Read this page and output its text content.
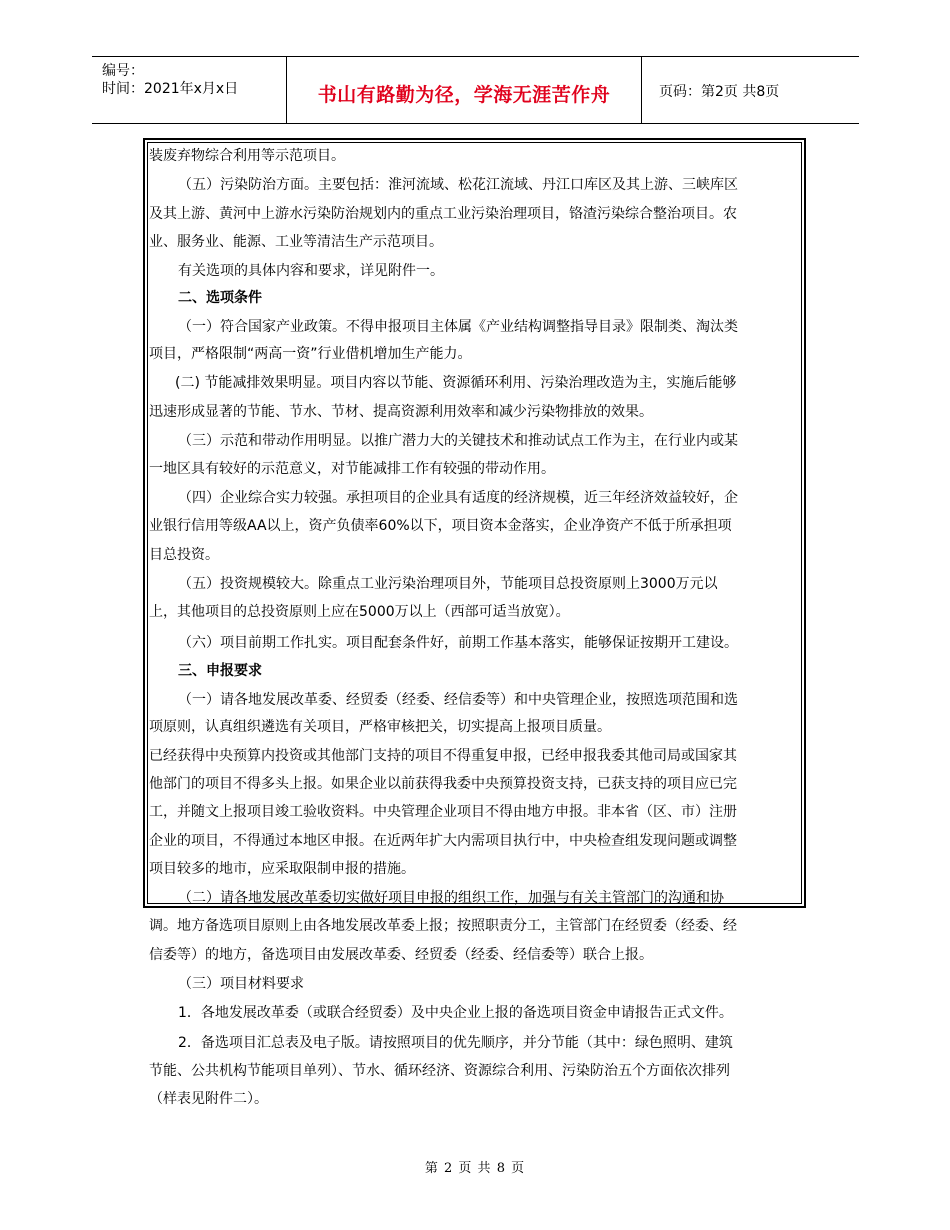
编号：
时间：2021年x月x日	书山有路勤为径，学海无涯苦作舟	页码：第2页 共8页
装废弃物综合利用等示范项目。
（五）污染防治方面。主要包括：淮河流域、松花江流域、丹江口库区及其上游、三峡库区
及其上游、黄河中上游水污染防治规划内的重点工业污染治理项目，铬渣污染综合整治项目。农
业、服务业、能源、工业等清洁生产示范项目。
有关选项的具体内容和要求，详见附件一。
二、选项条件
（一）符合国家产业政策。不得申报项目主体属《产业结构调整指导目录》限制类、淘汰类
项目，严格限制“两高一资”行业借机增加生产能力。
(二) 节能减排效果明显。项目内容以节能、资源循环利用、污染治理改造为主，实施后能够
迅速形成显著的节能、节水、节材、提高资源利用效率和减少污染物排放的效果。
（三）示范和带动作用明显。以推广潜力大的关键技术和推动试点工作为主，在行业内或某
一地区具有较好的示范意义，对节能减排工作有较强的带动作用。
（四）企业综合实力较强。承担项目的企业具有适度的经济规模，近三年经济效益较好，企
业银行信用等级AA以上，资产负债率60%以下，项目资本金落实，企业净资产不低于所承担项
目总投资。
（五）投资规模较大。除重点工业污染治理项目外，节能项目总投资原则上3000万元以
上，其他项目的总投资原则上应在5000万以上（西部可适当放宽）。
（六）项目前期工作扎实。项目配套条件好，前期工作基本落实，能够保证按期开工建设。
三、申报要求
（一）请各地发展改革委、经贸委（经委、经信委等）和中央管理企业，按照选项范围和选
项原则，认真组织遴选有关项目，严格审核把关，切实提高上报项目质量。
已经获得中央预算内投资或其他部门支持的项目不得重复申报，已经申报我委其他司局或国家其
他部门的项目不得多头上报。如果企业以前获得我委中央预算投资支持，已获支持的项目应已完
工，并随文上报项目竣工验收资料。中央管理企业项目不得由地方申报。非本省（区、市）注册
企业的项目，不得通过本地区申报。在近两年扩大内需项目执行中，中央检查组发现问题或调整
项目较多的地市，应采取限制申报的措施。
（二）请各地发展改革委切实做好项目申报的组织工作，加强与有关主管部门的沟通和协
调。地方备选项目原则上由各地发展改革委上报；按照职责分工，主管部门在经贸委（经委、经
信委等）的地方，备选项目由发展改革委、经贸委（经委、经信委等）联合上报。
（三）项目材料要求
1．各地发展改革委（或联合经贸委）及中央企业上报的备选项目资金申请报告正式文件。
2．备选项目汇总表及电子版。请按照项目的优先顺序，并分节能（其中：绿色照明、建筑
节能、公共机构节能项目单列）、节水、循环经济、资源综合利用、污染防治五个方面依次排列
（样表见附件二）。
第 2 页 共 8 页
